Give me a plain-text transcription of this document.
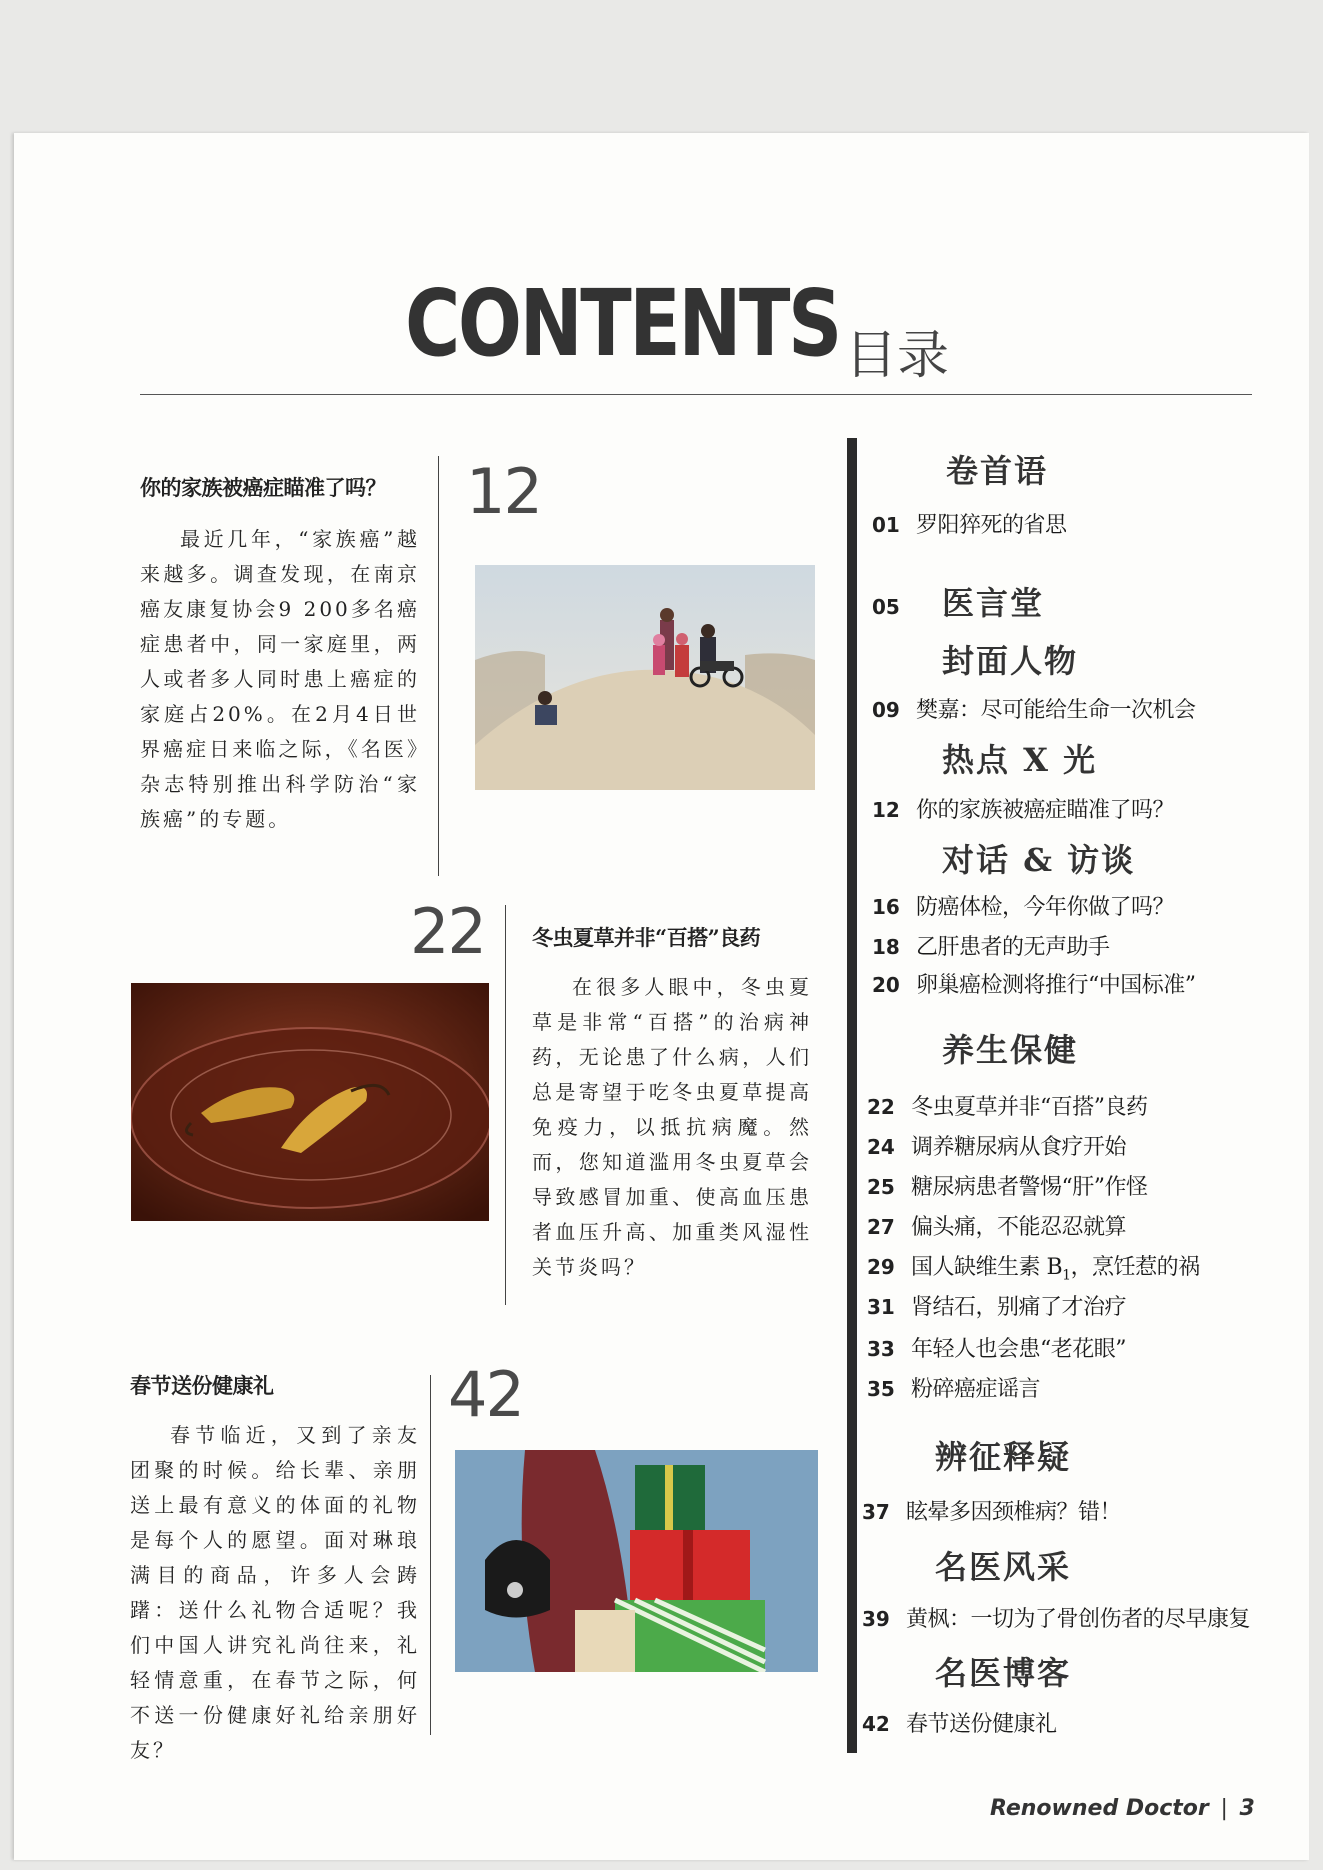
CONTENTS 目录
你的家族被癌症瞄准了吗？
最近几年，“家族癌”越来越多。调查发现，在南京癌友康复协会9 200多名癌症患者中，同一家庭里，两人或者多人同时患上癌症的家庭占20%。在2月4日世界癌症日来临之际，《名医》杂志特别推出科学防治“家族癌”的专题。
12
22 冬虫夏草并非“百搭”良药
在很多人眼中，冬虫夏草是非常“百搭”的治病神药，无论患了什么病，人们总是寄望于吃冬虫夏草提高免疫力，以抵抗病魔。然而，您知道滥用冬虫夏草会导致感冒加重、使高血压患者血压升高、加重类风湿性关节炎吗？
春节送份健康礼
春节临近，又到了亲友团聚的时候。给长辈、亲朋送上最有意义的体面的礼物是每个人的愿望。面对琳琅满目的商品，许多人会踌躇：送什么礼物合适呢？我们中国人讲究礼尚往来，礼轻情意重，在春节之际，何不送一份健康好礼给亲朋好友？
42
卷首语
01 罗阳猝死的省思
05	医言堂
封面人物
09 樊嘉：尽可能给生命一次机会
热点 X 光
12 你的家族被癌症瞄准了吗？
对话 & 访谈
16 防癌体检，今年你做了吗？
18 乙肝患者的无声助手
20 卵巢癌检测将推行“中国标准”
养生保健
22 冬虫夏草并非“百搭”良药
24 调养糖尿病从食疗开始
25 糖尿病患者警惕“肝”作怪
27 偏头痛，不能忍忍就算
29 国人缺维生素 $B_1$，烹饪惹的祸
31 肾结石，别痛了才治疗
33 年轻人也会患“老花眼”
35 粉碎癌症谣言
辨征释疑
37 眩晕多因颈椎病？错！
名医风采
39 黄枫：一切为了骨创伤者的尽早康复
名医博客
42 春节送份健康礼
Renowned Doctor | 3
